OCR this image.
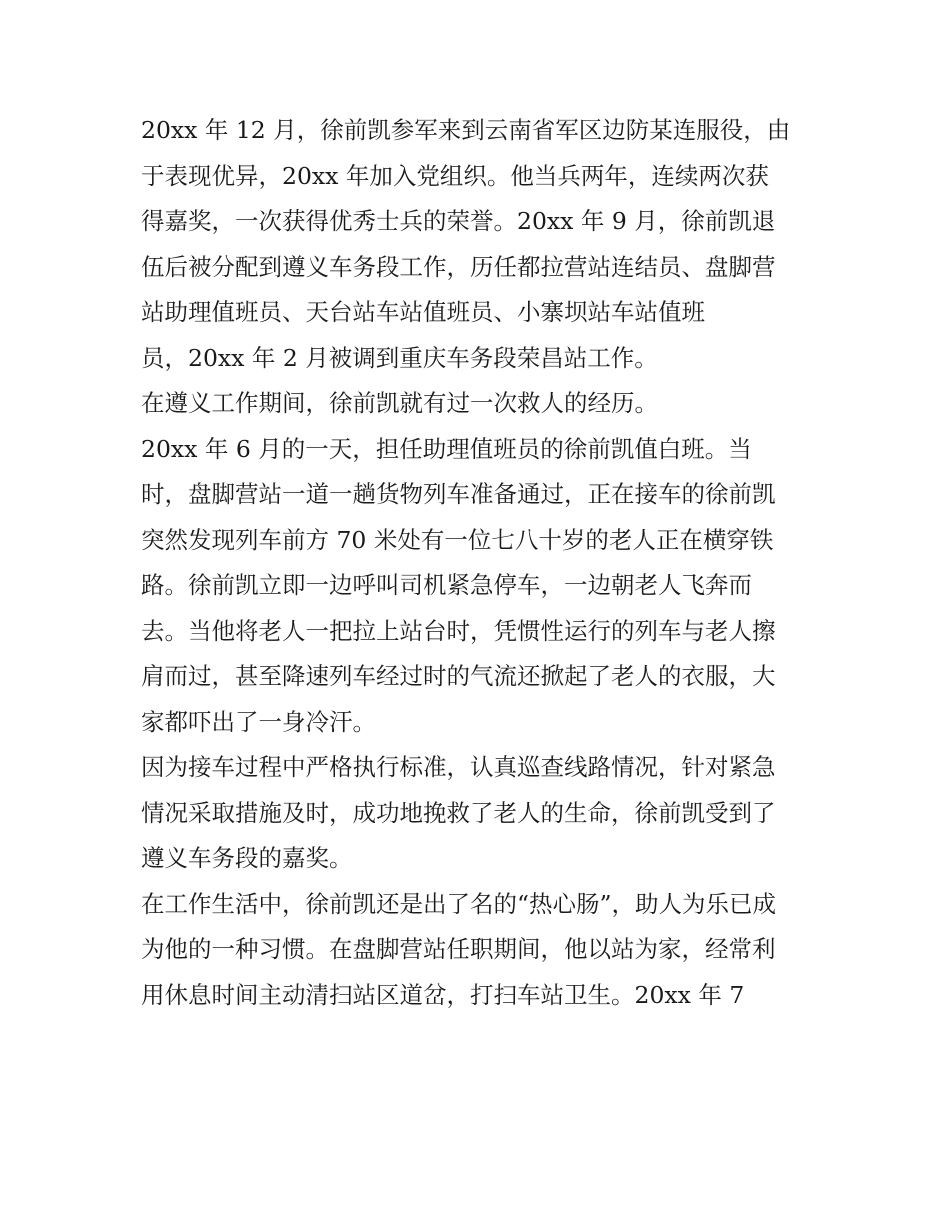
20xx 年 12 月，徐前凯参军来到云南省军区边防某连服役，由
于表现优异，20xx 年加入党组织。他当兵两年，连续两次获
得嘉奖，一次获得优秀士兵的荣誉。20xx 年 9 月，徐前凯退
伍后被分配到遵义车务段工作，历任都拉营站连结员、盘脚营
站助理值班员、天台站车站值班员、小寨坝站车站值班
员，20xx 年 2 月被调到重庆车务段荣昌站工作。
在遵义工作期间，徐前凯就有过一次救人的经历。
20xx 年 6 月的一天，担任助理值班员的徐前凯值白班。当
时，盘脚营站一道一趟货物列车准备通过，正在接车的徐前凯
突然发现列车前方 70 米处有一位七八十岁的老人正在横穿铁
路。徐前凯立即一边呼叫司机紧急停车，一边朝老人飞奔而
去。当他将老人一把拉上站台时，凭惯性运行的列车与老人擦
肩而过，甚至降速列车经过时的气流还掀起了老人的衣服，大
家都吓出了一身冷汗。
因为接车过程中严格执行标准，认真巡查线路情况，针对紧急
情况采取措施及时，成功地挽救了老人的生命，徐前凯受到了
遵义车务段的嘉奖。
在工作生活中，徐前凯还是出了名的“热心肠”，助人为乐已成
为他的一种习惯。在盘脚营站任职期间，他以站为家，经常利
用休息时间主动清扫站区道岔，打扫车站卫生。20xx 年 7
